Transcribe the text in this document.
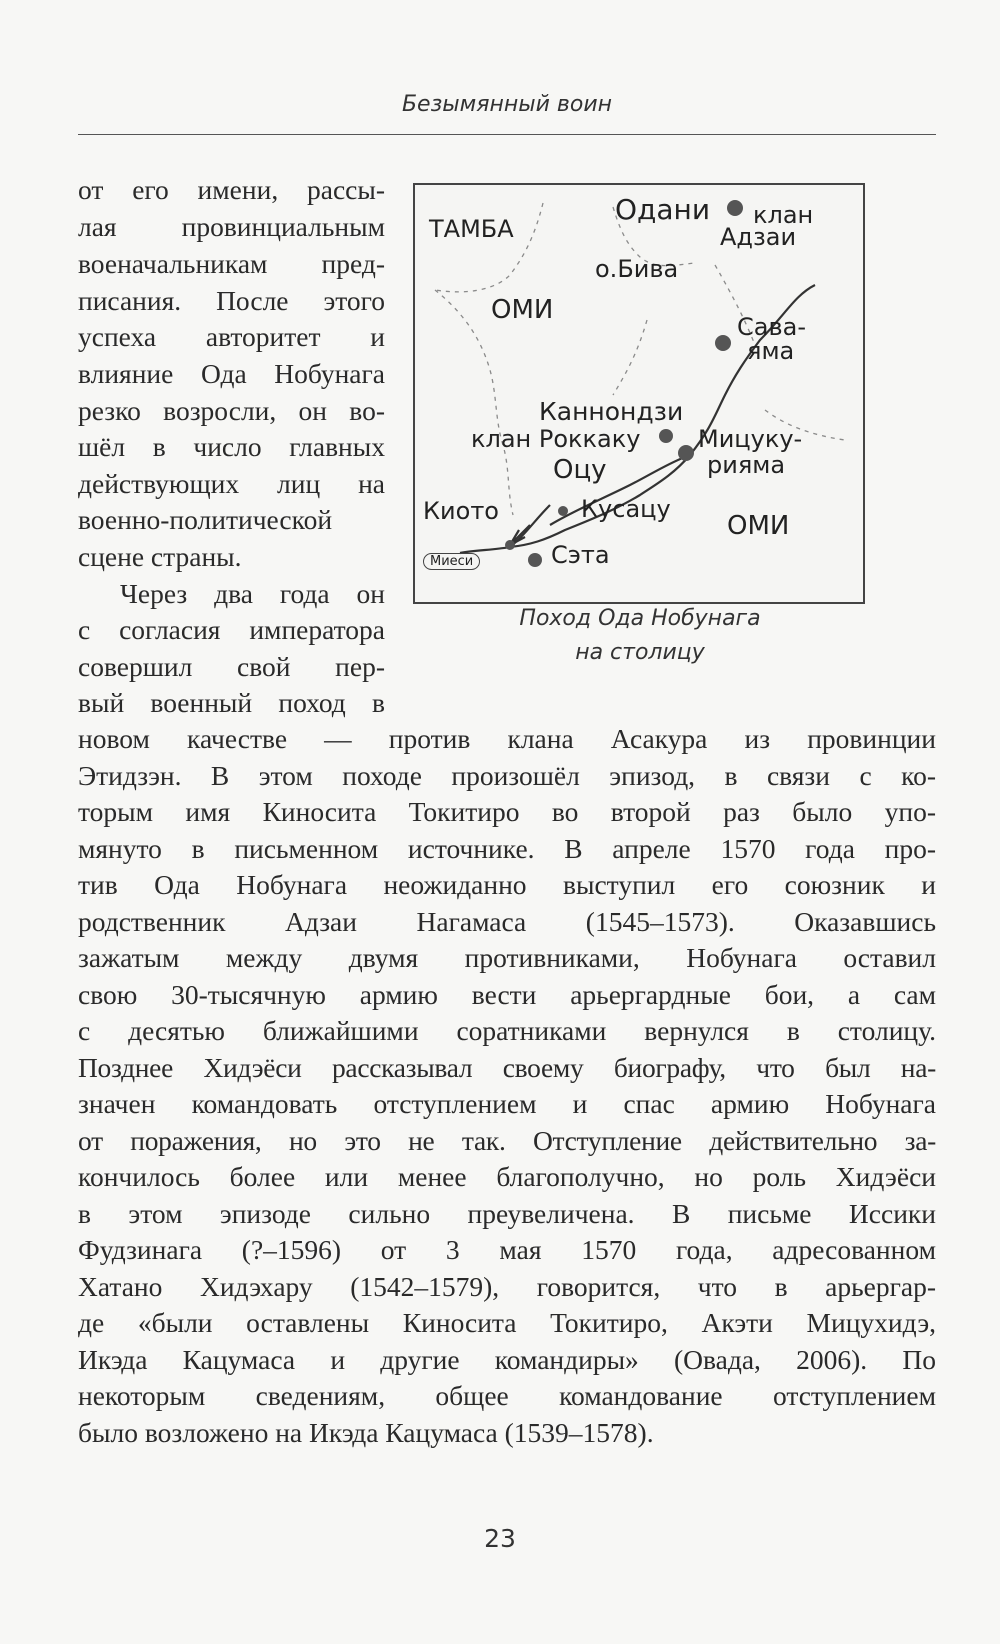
Безымянный воин
ТАМБА
Одани клан
Адзаи
о.Бива
ОМИ
Сава-
яма
Каннондзи
клан Роккаку Мицуку-
рияма
Оцу
Киото	Кусацу
ОМИ
Миеси	Сэта
Поход Ода Нобунага
на столицу
от его имени, рассы-
лая провинциальным
военачальникам пред-
писания. После этого
успеха авторитет и
влияние Ода Нобунага
резко возросли, он во-
шёл в число главных
действующих лиц на
военно-политической
сцене страны.
Через два года он
с согласия императора
совершил свой пер-
вый военный поход в
новом качестве — против клана Асакура из провинции
Этидзэн. В этом походе произошёл эпизод, в связи с ко-
торым имя Киносита Токитиро во второй раз было упо-
мянуто в письменном источнике. В апреле 1570 года про-
тив Ода Нобунага неожиданно выступил его союзник и
родственник Адзаи Нагамаса (1545–1573). Оказавшись
зажатым между двумя противниками, Нобунага оставил
свою 30-тысячную армию вести арьергардные бои, а сам
с десятью ближайшими соратниками вернулся в столицу.
Позднее Хидэёси рассказывал своему биографу, что был на-
значен командовать отступлением и спас армию Нобунага
от поражения, но это не так. Отступление действительно за-
кончилось более или менее благополучно, но роль Хидэёси
в этом эпизоде сильно преувеличена. В письме Иссики
Фудзинага (?–1596) от 3 мая 1570 года, адресованном
Хатано Хидэхару (1542–1579), говорится, что в арьергар-
де «были оставлены Киносита Токитиро, Акэти Мицухидэ,
Икэда Кацумаса и другие командиры» (Овада, 2006). По
некоторым сведениям, общее командование отступлением
было возложено на Икэда Кацумаса (1539–1578).
23
